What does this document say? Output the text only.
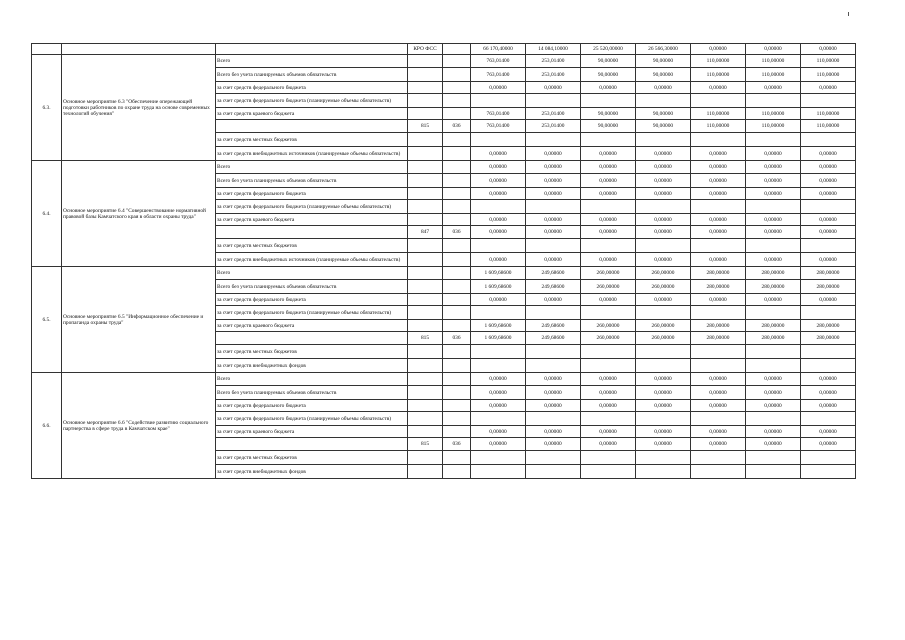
			КРО ФСС		66 170,40000	14 084,10000	25 520,00000	26 566,30000	0,00000	0,00000	0,00000
6.3.	Основное мероприятие 6.3 "Обеспечение опережающей подготовки работников по охране труда на основе современных технологий обучения"	Всего			763,01400	253,01400	90,00000	90,00000	110,00000	110,00000	110,00000
		Всего без учета планируемых объемов обязательств			763,01400	253,01400	90,00000	90,00000	110,00000	110,00000	110,00000
		за счет средств федерального бюджета			0,00000	0,00000	0,00000	0,00000	0,00000	0,00000	0,00000
		за счет средств федерального бюджета (планируемые объемы обязательств)									
		за счет средств краевого бюджета			763,01400	253,01400	90,00000	90,00000	110,00000	110,00000	110,00000
			815	036	763,01400	253,01400	90,00000	90,00000	110,00000	110,00000	110,00000
		за счет средств местных бюджетов									
		за счет средств внебюджетных источников (планируемые объемы обязательств)			0,00000	0,00000	0,00000	0,00000	0,00000	0,00000	0,00000
6.4.	Основное мероприятие 6.4 "Совершенствование нормативной правовой базы Камчатского края в области охраны труда"	Всего			0,00000	0,00000	0,00000	0,00000	0,00000	0,00000	0,00000
		Всего без учета планируемых объемов обязательств			0,00000	0,00000	0,00000	0,00000	0,00000	0,00000	0,00000
		за счет средств федерального бюджета			0,00000	0,00000	0,00000	0,00000	0,00000	0,00000	0,00000
		за счет средств федерального бюджета (планируемые объемы обязательств)									
		за счет средств краевого бюджета			0,00000	0,00000	0,00000	0,00000	0,00000	0,00000	0,00000
			847	036	0,00000	0,00000	0,00000	0,00000	0,00000	0,00000	0,00000
		за счет средств местных бюджетов									
		за счет средств внебюджетных источников (планируемые объемы обязательств)			0,00000	0,00000	0,00000	0,00000	0,00000	0,00000	0,00000
6.5.	Основное мероприятие 6.5 "Информационное обеспечение и пропаганда охраны труда"	Всего			1 609,68600	249,68600	260,00000	260,00000	280,00000	280,00000	280,00000
		Всего без учета планируемых объемов обязательств			1 609,68600	249,68600	260,00000	260,00000	280,00000	280,00000	280,00000
		за счет средств федерального бюджета			0,00000	0,00000	0,00000	0,00000	0,00000	0,00000	0,00000
		за счет средств федерального бюджета (планируемые объемы обязательств)									
		за счет средств краевого бюджета			1 609,68600	249,68600	260,00000	260,00000	280,00000	280,00000	280,00000
			815	036	1 609,68600	249,68600	260,00000	260,00000	280,00000	280,00000	280,00000
		за счет средств местных бюджетов									
		за счет средств внебюджетных фондов									
6.6.	Основное мероприятие 6.6 "Содействие развитию социального партнерства в сфере труда в Камчатском крае"	Всего			0,00000	0,00000	0,00000	0,00000	0,00000	0,00000	0,00000
		Всего без учета планируемых объемов обязательств			0,00000	0,00000	0,00000	0,00000	0,00000	0,00000	0,00000
		за счет средств федерального бюджета			0,00000	0,00000	0,00000	0,00000	0,00000	0,00000	0,00000
		за счет средств федерального бюджета (планируемые объемы обязательств)									
		за счет средств краевого бюджета			0,00000	0,00000	0,00000	0,00000	0,00000	0,00000	0,00000
			815	036	0,00000	0,00000	0,00000	0,00000	0,00000	0,00000	0,00000
		за счет средств местных бюджетов									
		за счет средств внебюджетных фондов									
